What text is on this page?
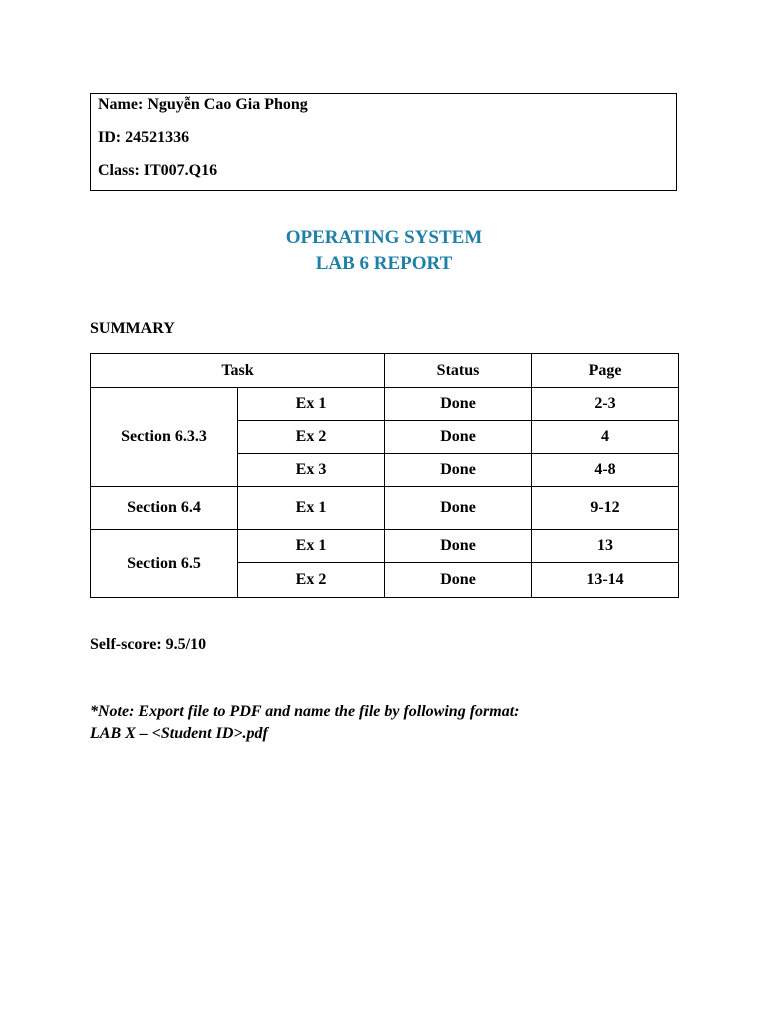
Name: Nguyễn Cao Gia Phong
ID: 24521336
Class: IT007.Q16
OPERATING SYSTEM
LAB 6 REPORT
SUMMARY
Task		Status	Page
Section 6.3.3	Ex 1	Done	2-3
	Ex 2	Done	4
	Ex 3	Done	4-8
Section 6.4	Ex 1	Done	9-12
Section 6.5	Ex 1	Done	13
	Ex 2	Done	13-14
Self-score: 9.5/10
*Note: Export file to PDF and name the file by following format:
LAB X – <Student ID>.pdf
